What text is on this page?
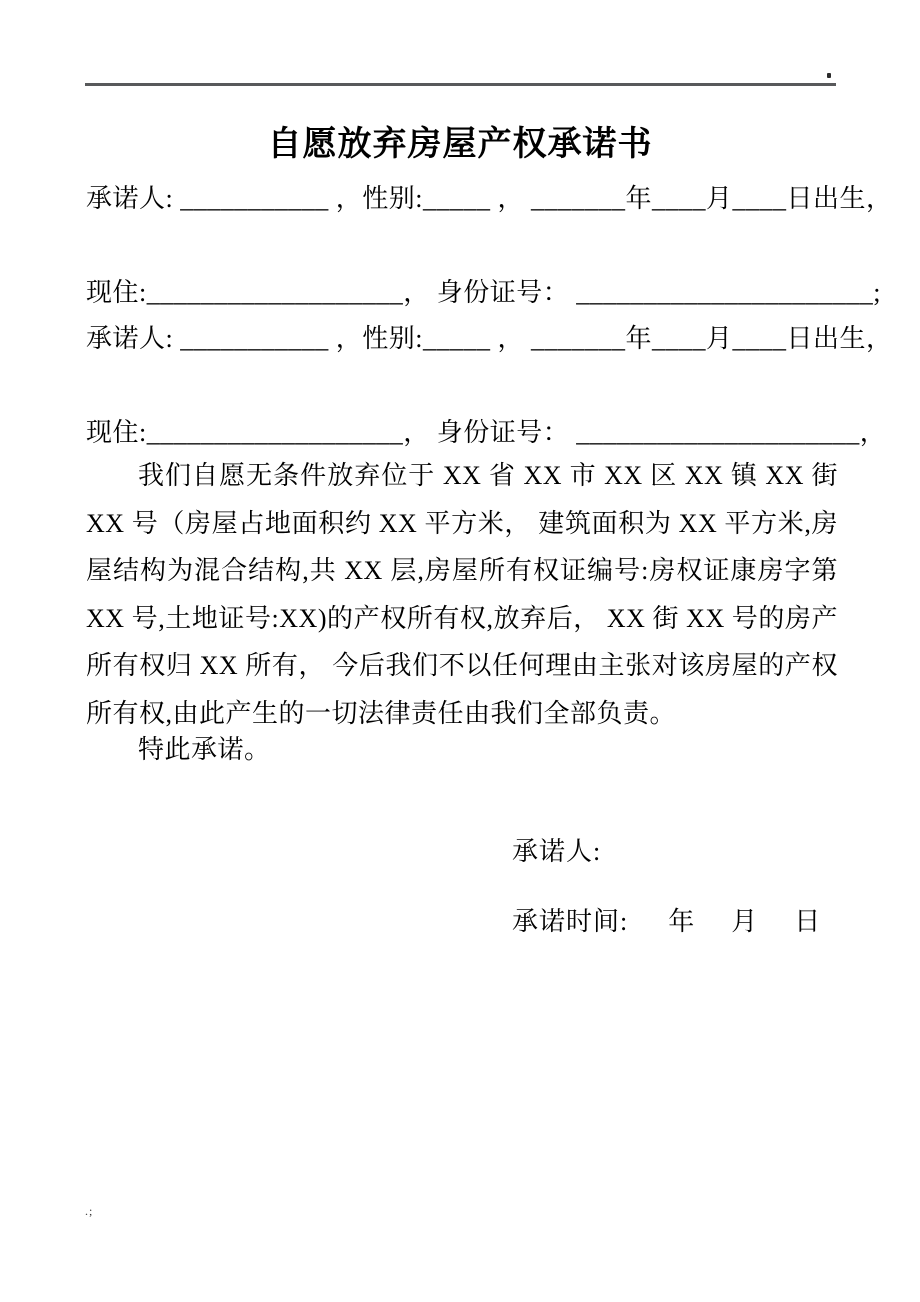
自愿放弃房屋产权承诺书
承诺人: ___________ ，性别:_____ ， _______年____月____日出生，
现住:___________________， 身份证号： ______________________;
承诺人: ___________ ，性别:_____ ， _______年____月____日出生，
现住:___________________， 身份证号： _____________________，
我们自愿无条件放弃位于 XX 省 XX 市 XX 区 XX 镇 XX 街 XX 号（房屋占地面积约 XX 平方米， 建筑面积为 XX 平方米,房屋结构为混合结构,共 XX 层,房屋所有权证编号:房权证康房字第 XX 号,土地证号:XX)的产权所有权,放弃后， XX 街 XX 号的房产所有权归 XX 所有， 今后我们不以任何理由主张对该房屋的产权所有权,由此产生的一切法律责任由我们全部负责。
特此承诺。
承诺人:
承诺时间: 年 月 日
.;
